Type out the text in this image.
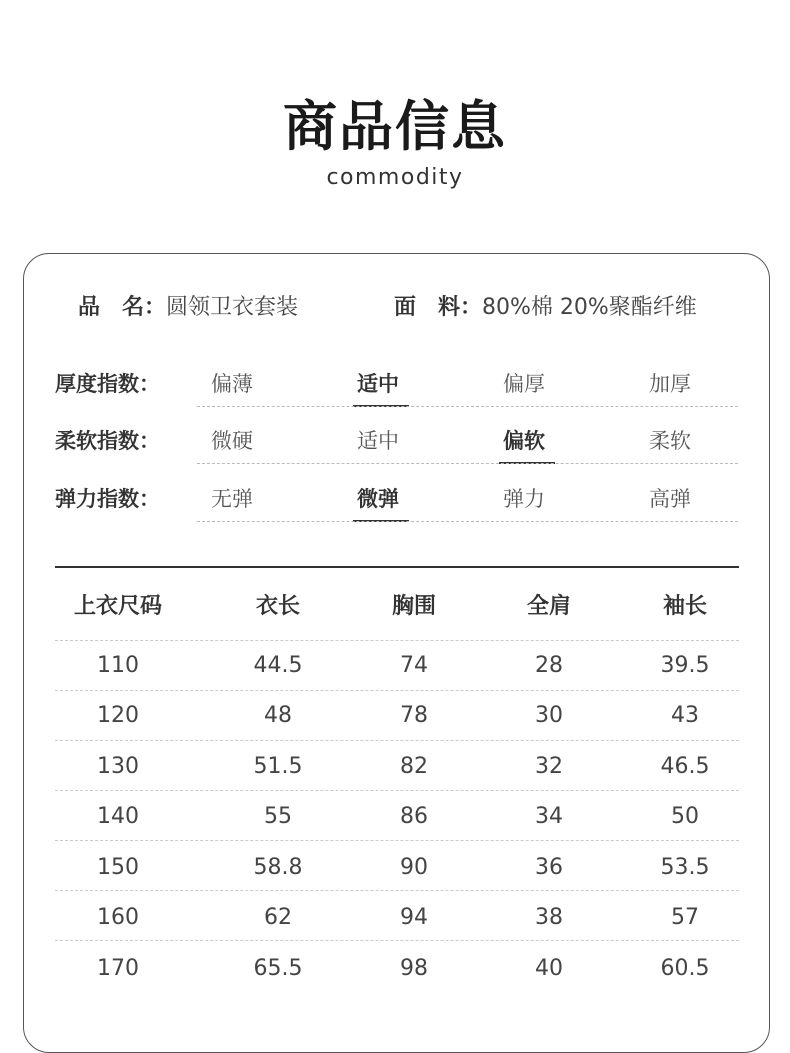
商品信息
commodity
品　名：圆领卫衣套装	面　料：80%棉 20%聚酯纤维
厚度指数：	偏薄	适中	偏厚	加厚
柔软指数：	微硬	适中	偏软	柔软
弹力指数：	无弹	微弹	弹力	高弹
上衣尺码	衣长	胸围	全肩	袖长
110	44.5	74	28	39.5
120	48	78	30	43
130	51.5	82	32	46.5
140	55	86	34	50
150	58.8	90	36	53.5
160	62	94	38	57
170	65.5	98	40	60.5
